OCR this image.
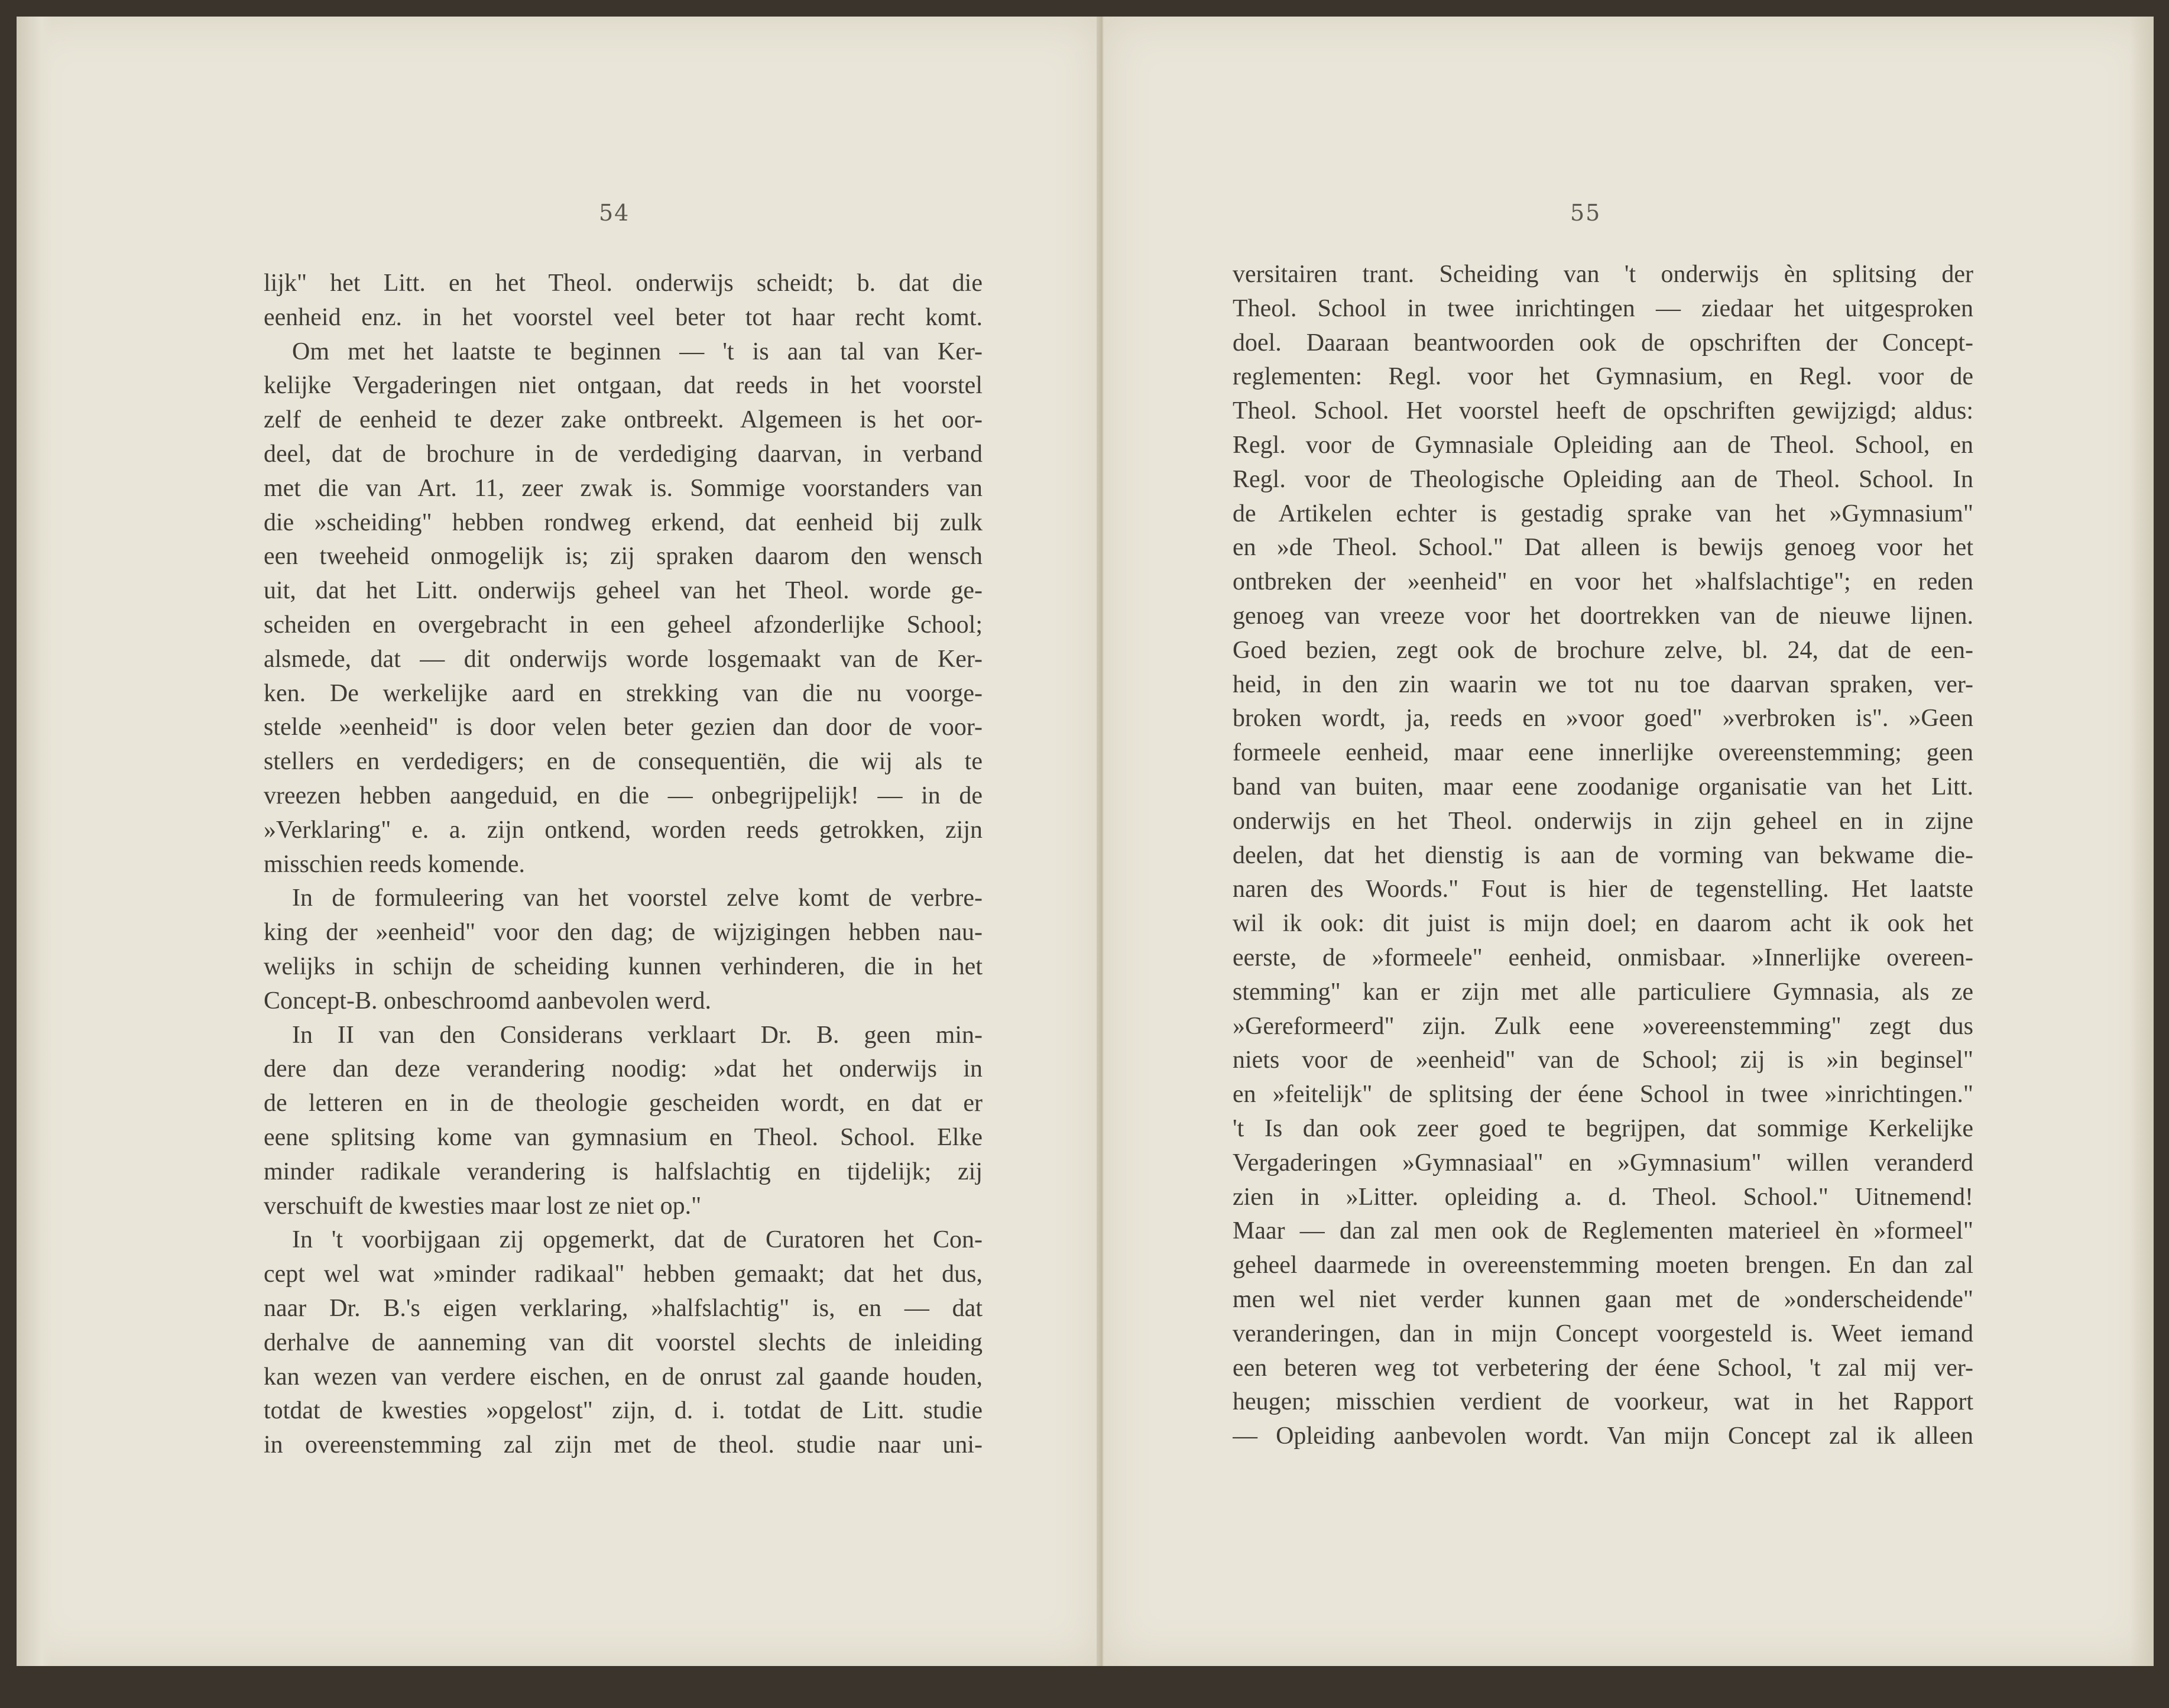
54
lijk" het Litt. en het Theol. onderwijs scheidt; b. dat die
eenheid enz. in het voorstel veel beter tot haar recht komt.
Om met het laatste te beginnen — 't is aan tal van Ker-
kelijke Vergaderingen niet ontgaan, dat reeds in het voorstel
zelf de eenheid te dezer zake ontbreekt. Algemeen is het oor-
deel, dat de brochure in de verdediging daarvan, in verband
met die van Art. 11, zeer zwak is. Sommige voorstanders van
die »scheiding" hebben rondweg erkend, dat eenheid bij zulk
een tweeheid onmogelijk is; zij spraken daarom den wensch
uit, dat het Litt. onderwijs geheel van het Theol. worde ge-
scheiden en overgebracht in een geheel afzonderlijke School;
alsmede, dat — dit onderwijs worde losgemaakt van de Ker-
ken. De werkelijke aard en strekking van die nu voorge-
stelde »eenheid" is door velen beter gezien dan door de voor-
stellers en verdedigers; en de consequentiën, die wij als te
vreezen hebben aangeduid, en die — onbegrijpelijk! — in de
»Verklaring" e. a. zijn ontkend, worden reeds getrokken, zijn
misschien reeds komende.
In de formuleering van het voorstel zelve komt de verbre-
king der »eenheid" voor den dag; de wijzigingen hebben nau-
welijks in schijn de scheiding kunnen verhinderen, die in het
Concept-B. onbeschroomd aanbevolen werd.
In II van den Considerans verklaart Dr. B. geen min-
dere dan deze verandering noodig: »dat het onderwijs in
de letteren en in de theologie gescheiden wordt, en dat er
eene splitsing kome van gymnasium en Theol. School. Elke
minder radikale verandering is halfslachtig en tijdelijk; zij
verschuift de kwesties maar lost ze niet op."
In 't voorbijgaan zij opgemerkt, dat de Curatoren het Con-
cept wel wat »minder radikaal" hebben gemaakt; dat het dus,
naar Dr. B.'s eigen verklaring, »halfslachtig" is, en — dat
derhalve de aanneming van dit voorstel slechts de inleiding
kan wezen van verdere eischen, en de onrust zal gaande houden,
totdat de kwesties »opgelost" zijn, d. i. totdat de Litt. studie
in overeenstemming zal zijn met de theol. studie naar uni-
55
versitairen trant. Scheiding van 't onderwijs èn splitsing der
Theol. School in twee inrichtingen — ziedaar het uitgesproken
doel. Daaraan beantwoorden ook de opschriften der Concept-
reglementen: Regl. voor het Gymnasium, en Regl. voor de
Theol. School. Het voorstel heeft de opschriften gewijzigd; aldus:
Regl. voor de Gymnasiale Opleiding aan de Theol. School, en
Regl. voor de Theologische Opleiding aan de Theol. School. In
de Artikelen echter is gestadig sprake van het »Gymnasium"
en »de Theol. School." Dat alleen is bewijs genoeg voor het
ontbreken der »eenheid" en voor het »halfslachtige"; en reden
genoeg van vreeze voor het doortrekken van de nieuwe lijnen.
Goed bezien, zegt ook de brochure zelve, bl. 24, dat de een-
heid, in den zin waarin we tot nu toe daarvan spraken, ver-
broken wordt, ja, reeds en »voor goed" »verbroken is". »Geen
formeele eenheid, maar eene innerlijke overeenstemming; geen
band van buiten, maar eene zoodanige organisatie van het Litt.
onderwijs en het Theol. onderwijs in zijn geheel en in zijne
deelen, dat het dienstig is aan de vorming van bekwame die-
naren des Woords." Fout is hier de tegenstelling. Het laatste
wil ik ook: dit juist is mijn doel; en daarom acht ik ook het
eerste, de »formeele" eenheid, onmisbaar. »Innerlijke overeen-
stemming" kan er zijn met alle particuliere Gymnasia, als ze
»Gereformeerd" zijn. Zulk eene »overeenstemming" zegt dus
niets voor de »eenheid" van de School; zij is »in beginsel"
en »feitelijk" de splitsing der éene School in twee »inrichtingen."
't Is dan ook zeer goed te begrijpen, dat sommige Kerkelijke
Vergaderingen »Gymnasiaal" en »Gymnasium" willen veranderd
zien in »Litter. opleiding a. d. Theol. School." Uitnemend!
Maar — dan zal men ook de Reglementen materieel èn »formeel"
geheel daarmede in overeenstemming moeten brengen. En dan zal
men wel niet verder kunnen gaan met de »onderscheidende"
veranderingen, dan in mijn Concept voorgesteld is. Weet iemand
een beteren weg tot verbetering der éene School, 't zal mij ver-
heugen; misschien verdient de voorkeur, wat in het Rapport
— Opleiding aanbevolen wordt. Van mijn Concept zal ik alleen
